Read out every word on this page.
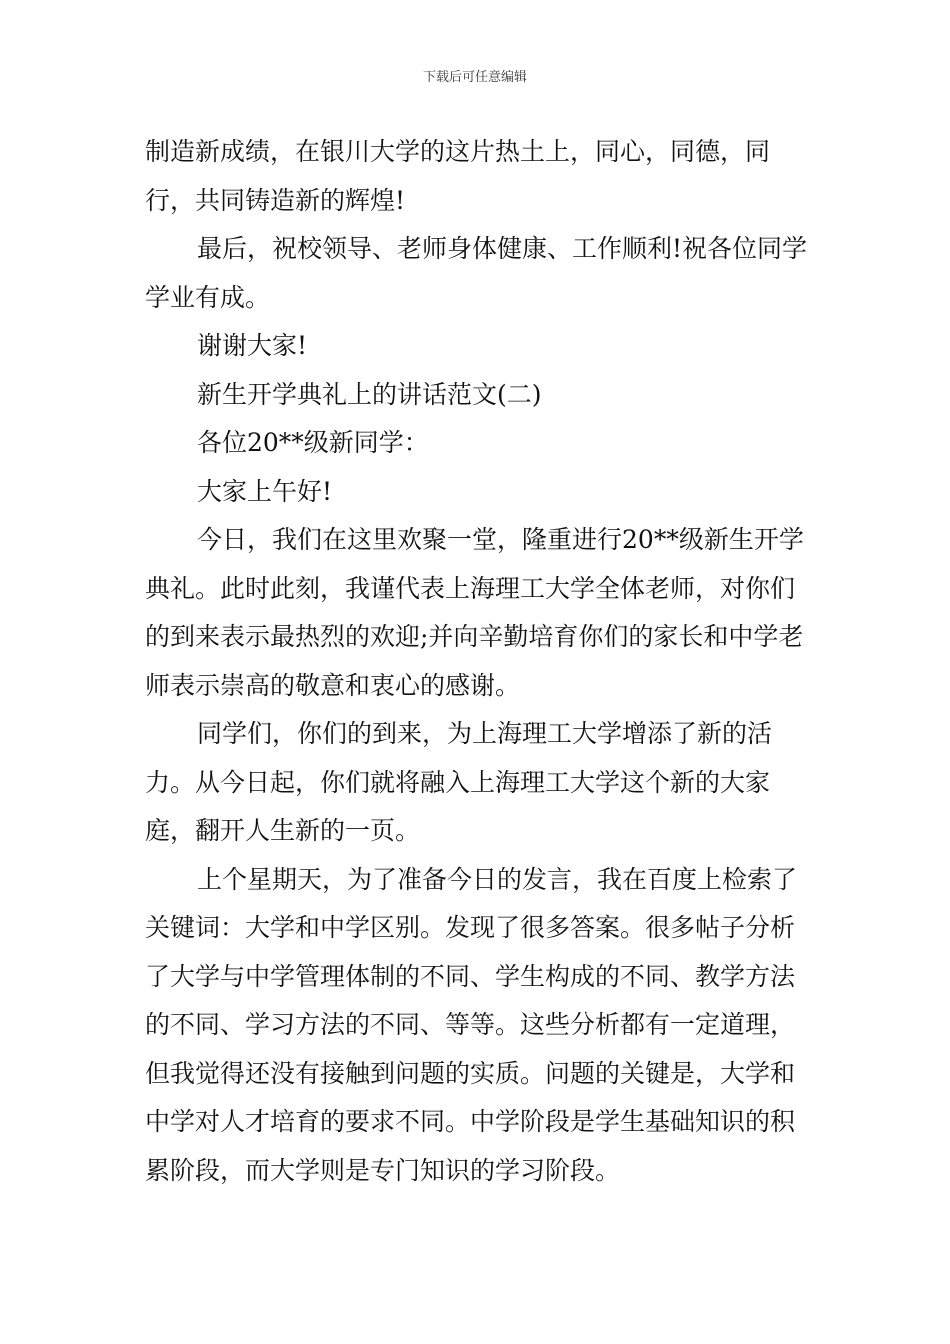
下载后可任意编辑

制造新成绩，在银川大学的这片热土上，同心，同德，同行，共同铸造新的辉煌!

最后，祝校领导、老师身体健康、工作顺利!祝各位同学学业有成。

谢谢大家!

新生开学典礼上的讲话范文(二)

各位20**级新同学：

大家上午好!

今日，我们在这里欢聚一堂，隆重进行20**级新生开学典礼。此时此刻，我谨代表上海理工大学全体老师，对你们的到来表示最热烈的欢迎;并向辛勤培育你们的家长和中学老师表示崇高的敬意和衷心的感谢。

同学们，你们的到来，为上海理工大学增添了新的活力。从今日起，你们就将融入上海理工大学这个新的大家庭，翻开人生新的一页。

上个星期天，为了准备今日的发言，我在百度上检索了关键词：大学和中学区别。发现了很多答案。很多帖子分析了大学与中学管理体制的不同、学生构成的不同、教学方法的不同、学习方法的不同、等等。这些分析都有一定道理，但我觉得还没有接触到问题的实质。问题的关键是，大学和中学对人才培育的要求不同。中学阶段是学生基础知识的积累阶段，而大学则是专门知识的学习阶段。
